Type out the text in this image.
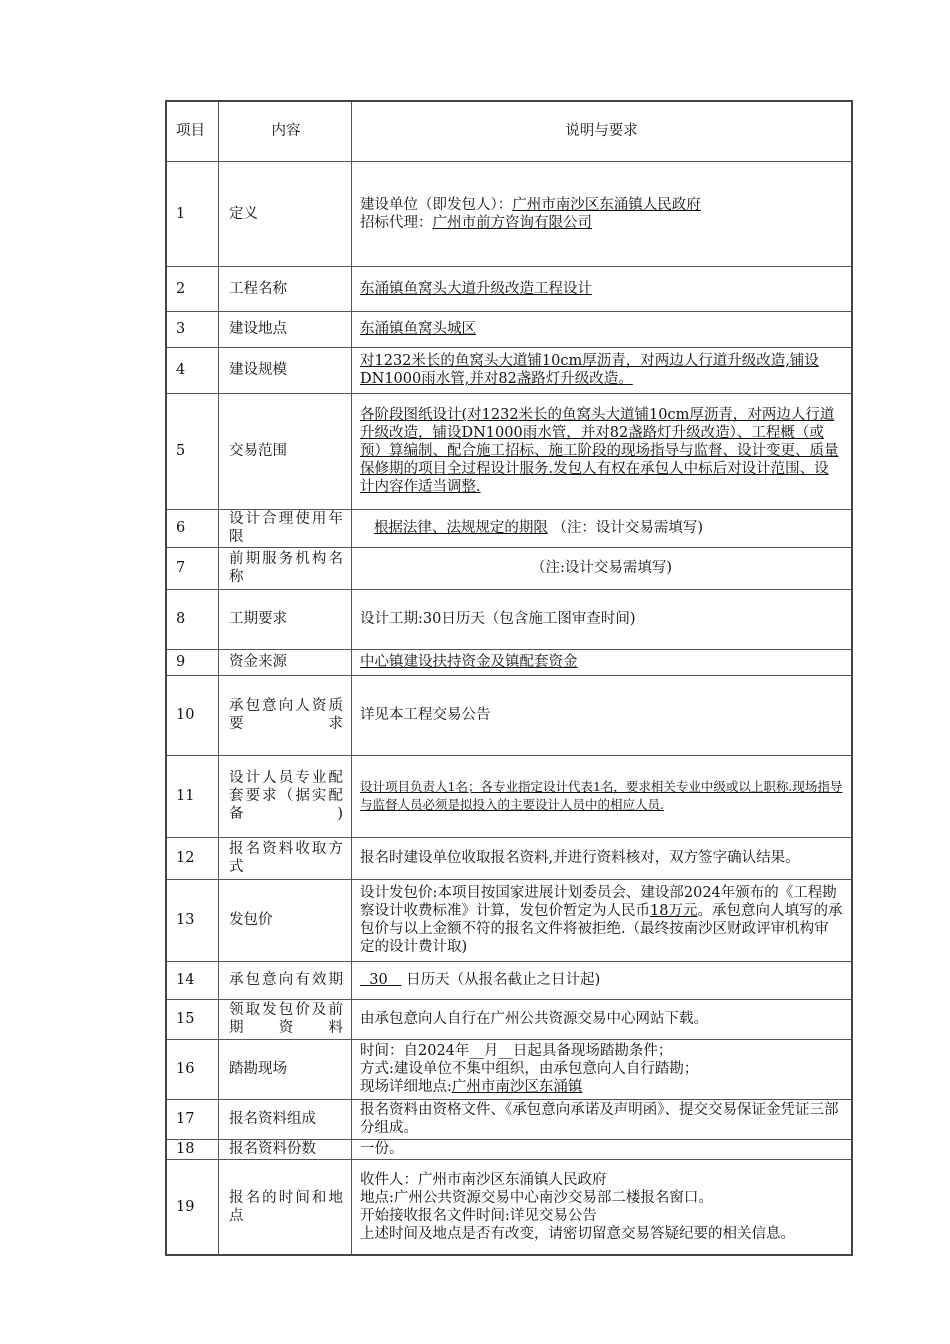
项目	内容	说明与要求
1	定义	建设单位（即发包人）：广州市南沙区东涌镇人民政府
招标代理：广州市前方咨询有限公司

2	工程名称	东涌镇鱼窝头大道升级改造工程设计
3	建设地点	东涌镇鱼窝头城区
4	建设规模	对1232米长的鱼窝头大道铺10cm厚沥青，对两边人行道升级改造,铺设DN1000雨水管,并对82盏路灯升级改造。
5	交易范围	各阶段图纸设计(对1232米长的鱼窝头大道铺10cm厚沥青，对两边人行道升级改造，铺设DN1000雨水管，并对82盏路灯升级改造）、工程概（或预）算编制、配合施工招标、施工阶段的现场指导与监督、设计变更、质量保修期的项目全过程设计服务.发包人有权在承包人中标后对设计范围、设计内容作适当调整.
6	设计合理使用年限	根据法律、法规规定的期限 （注：设计交易需填写)
7	前期服务机构名称	（注:设计交易需填写)
8	工期要求	设计工期:30日历天（包含施工图审查时间)
9	资金来源	中心镇建设扶持资金及镇配套资金
10	承包意向人资质要求	详见本工程交易公告
11	设计人员专业配套要求（据实配备)	设计项目负责人1名；各专业指定设计代表1名，要求相关专业中级或以上职称.现场指导与监督人员必须是拟投入的主要设计人员中的相应人员.
12	报名资料收取方式	报名时建设单位收取报名资料,并进行资料核对，双方签字确认结果。
13	发包价	设计发包价:本项目按国家进展计划委员会、建设部2024年颁布的《工程勘察设计收费标准》计算，发包价暂定为人民币18万元。承包意向人填写的承包价与以上金额不符的报名文件将被拒绝.（最终按南沙区财政评审机构审定的设计费计取)
14	承包意向有效期	30 日历天（从报名截止之日计起)
15	领取发包价及前期资料	由承包意向人自行在广州公共资源交易中心网站下载。
16	踏勘现场	时间：自2024年__月__日起具备现场踏勘条件；
方式:建设单位不集中组织，由承包意向人自行踏勘；
现场详细地点:广州市南沙区东涌镇

17	报名资料组成	报名资料由资格文件、《承包意向承诺及声明函》、提交交易保证金凭证三部分组成。
18	报名资料份数	一份。
19	报名的时间和地点	收件人：广州市南沙区东涌镇人民政府
地点:广州公共资源交易中心南沙交易部二楼报名窗口。
开始接收报名文件时间:详见交易公告
上述时间及地点是否有改变，请密切留意交易答疑纪要的相关信息。
